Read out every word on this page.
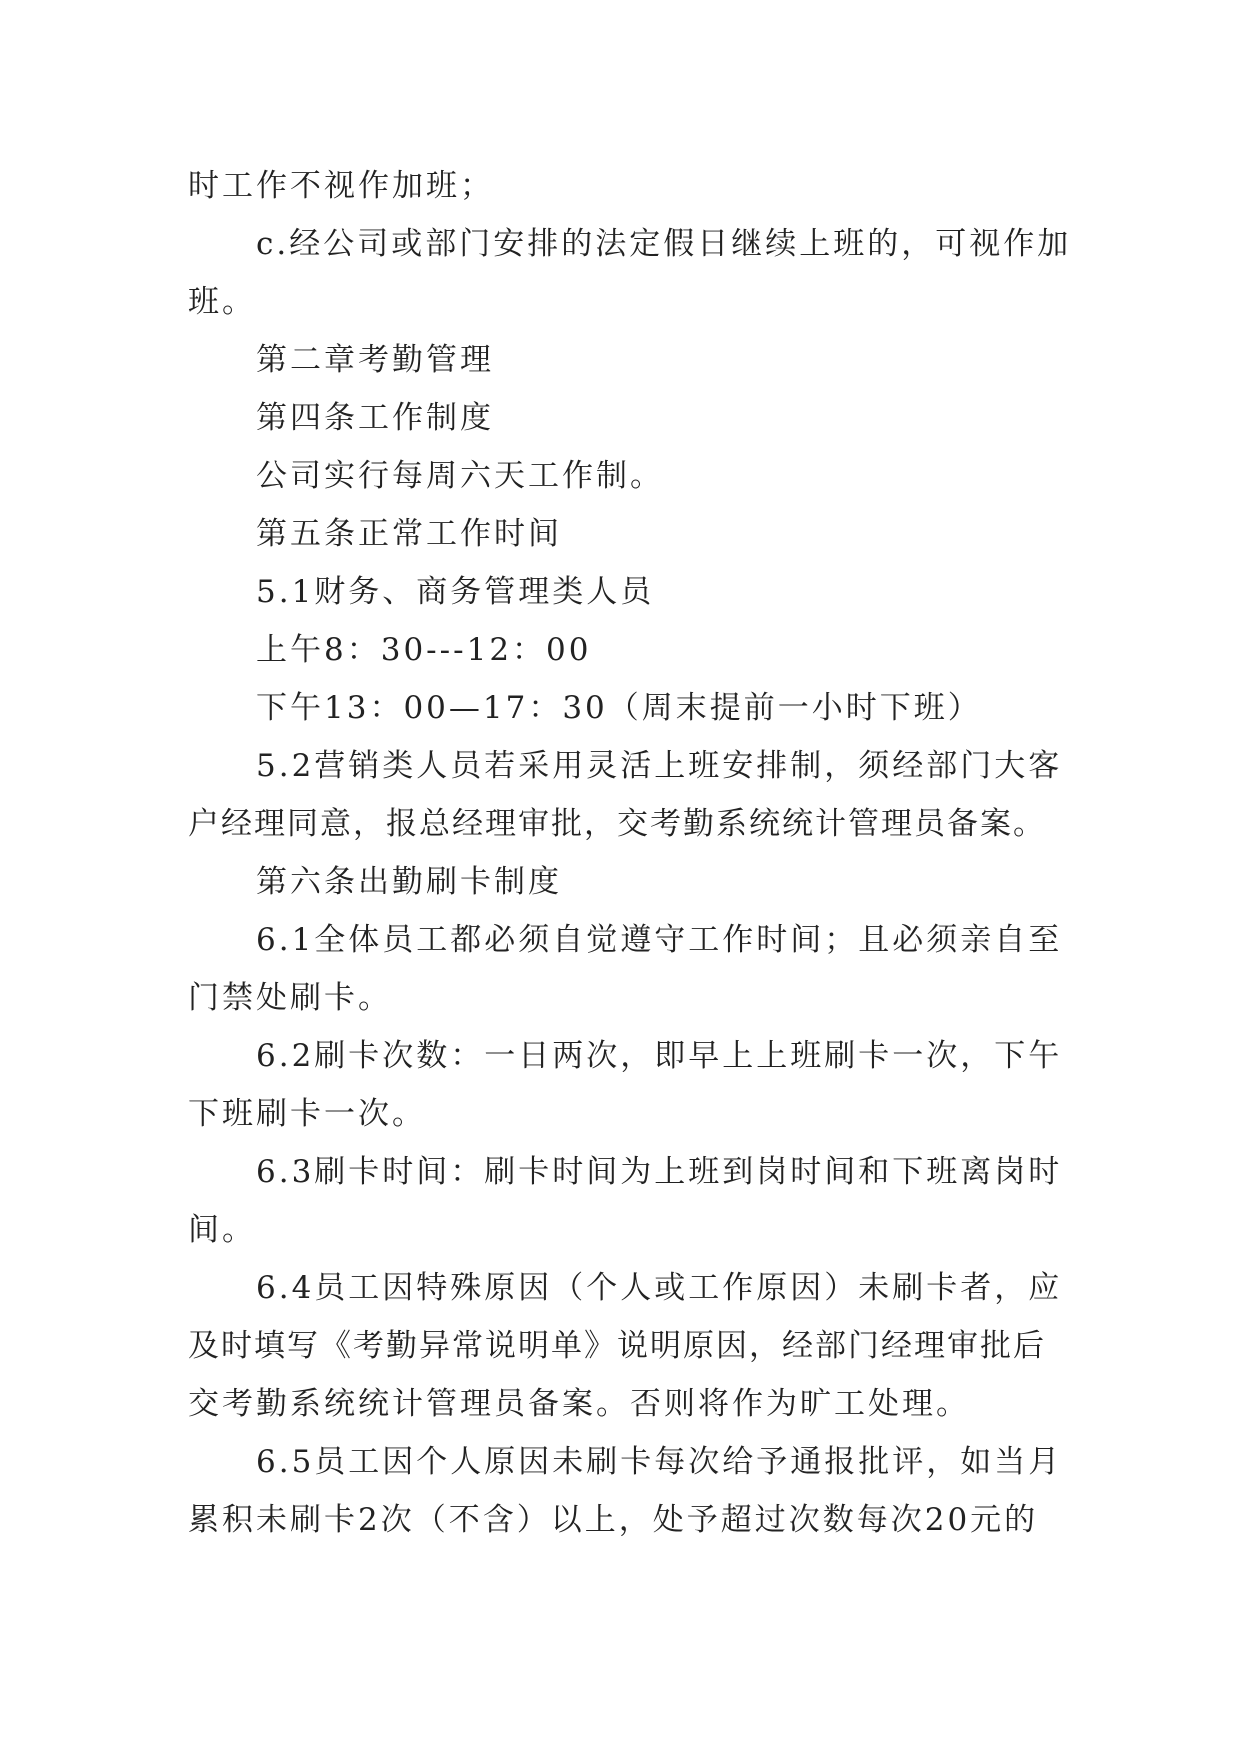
时工作不视作加班；
c.经公司或部门安排的法定假日继续上班的，可视作加
班。
第二章考勤管理
第四条工作制度
公司实行每周六天工作制。
第五条正常工作时间
5.1财务、商务管理类人员
上午8：30---12：00
下午13：00—17：30（周末提前一小时下班）
5.2营销类人员若采用灵活上班安排制，须经部门大客
户经理同意，报总经理审批，交考勤系统统计管理员备案。
第六条出勤刷卡制度
6.1全体员工都必须自觉遵守工作时间；且必须亲自至
门禁处刷卡。
6.2刷卡次数：一日两次，即早上上班刷卡一次，下午
下班刷卡一次。
6.3刷卡时间：刷卡时间为上班到岗时间和下班离岗时
间。
6.4员工因特殊原因（个人或工作原因）未刷卡者，应
及时填写《考勤异常说明单》说明原因，经部门经理审批后
交考勤系统统计管理员备案。否则将作为旷工处理。
6.5员工因个人原因未刷卡每次给予通报批评，如当月
累积未刷卡2次（不含）以上，处予超过次数每次20元的
